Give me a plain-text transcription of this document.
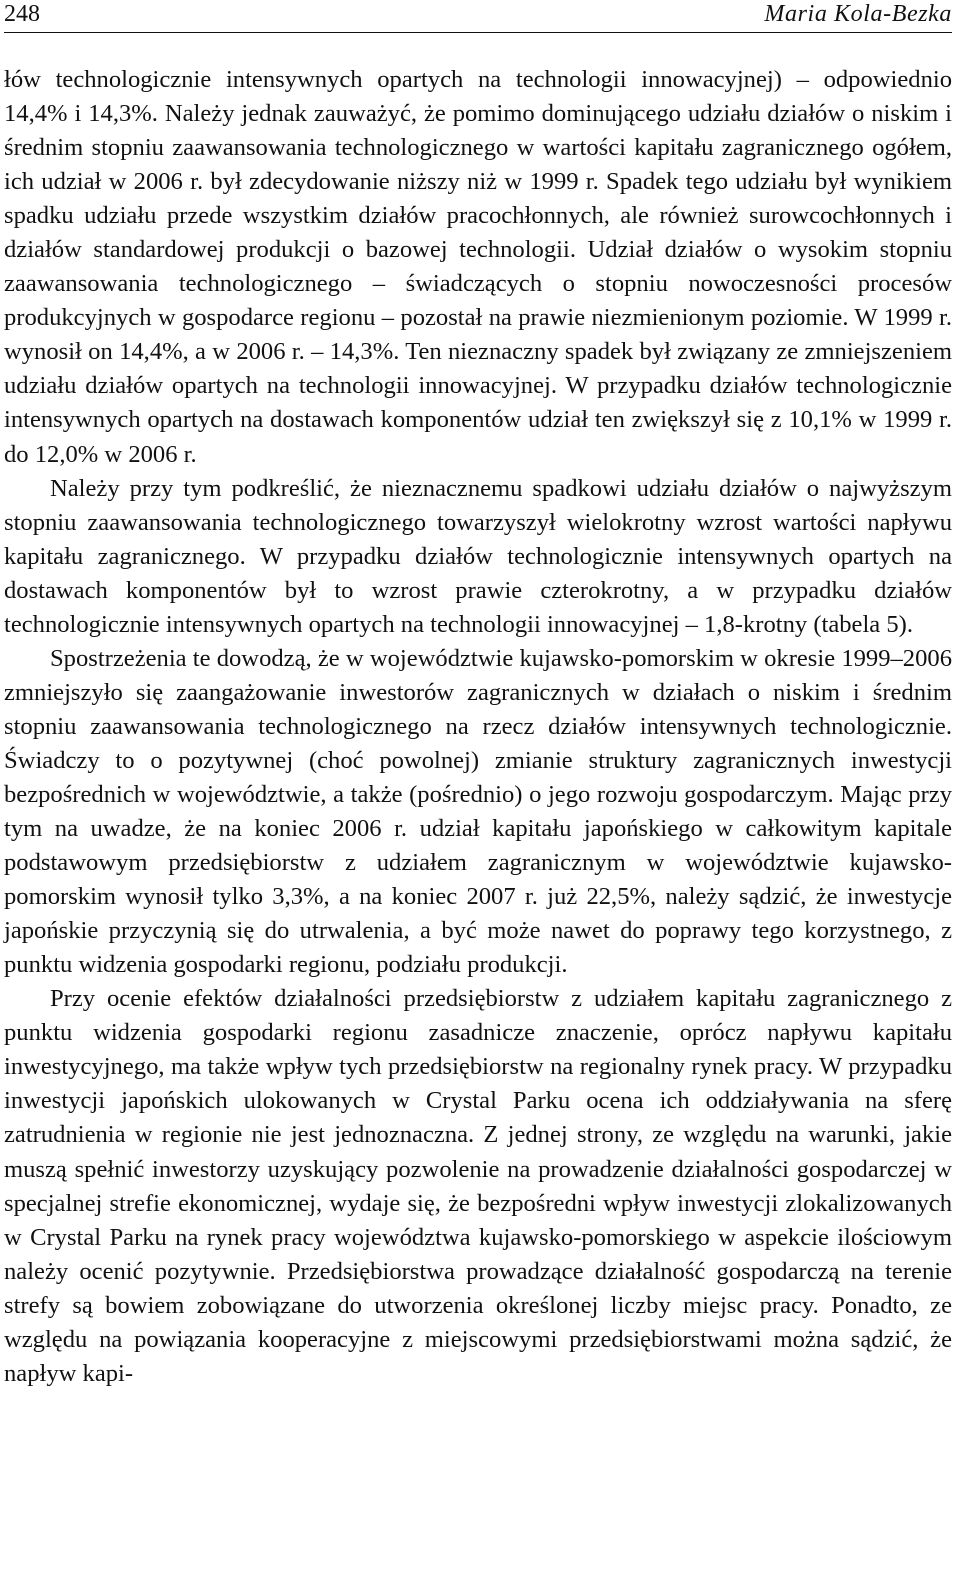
248	Maria Kola-Bezka

łów technologicznie intensywnych opartych na technologii innowacyjnej) – odpowiednio 14,4% i 14,3%. Należy jednak zauważyć, że pomimo dominującego udziału działów o niskim i średnim stopniu zaawansowania technologicznego w wartości kapitału zagranicznego ogółem, ich udział w 2006 r. był zdecydowanie niższy niż w 1999 r. Spadek tego udziału był wynikiem spadku udziału przede wszystkim działów pracochłonnych, ale również surowcochłonnych i działów standardowej produkcji o bazowej technologii. Udział działów o wysokim stopniu zaawansowania technologicznego – świadczących o stopniu nowoczesności procesów produkcyjnych w gospodarce regionu – pozostał na prawie niezmienionym poziomie. W 1999 r. wynosił on 14,4%, a w 2006 r. – 14,3%. Ten nieznaczny spadek był związany ze zmniejszeniem udziału działów opartych na technologii innowacyjnej. W przypadku działów technologicznie intensywnych opartych na dostawach komponentów udział ten zwiększył się z 10,1% w 1999 r. do 12,0% w 2006 r.

Należy przy tym podkreślić, że nieznacznemu spadkowi udziału działów o najwyższym stopniu zaawansowania technologicznego towarzyszył wielokrotny wzrost wartości napływu kapitału zagranicznego. W przypadku działów technologicznie intensywnych opartych na dostawach komponentów był to wzrost prawie czterokrotny, a w przypadku działów technologicznie intensywnych opartych na technologii innowacyjnej – 1,8-krotny (tabela 5).

Spostrzeżenia te dowodzą, że w województwie kujawsko-pomorskim w okresie 1999–2006 zmniejszyło się zaangażowanie inwestorów zagranicznych w działach o niskim i średnim stopniu zaawansowania technologicznego na rzecz działów intensywnych technologicznie. Świadczy to o pozytywnej (choć powolnej) zmianie struktury zagranicznych inwestycji bezpośrednich w województwie, a także (pośrednio) o jego rozwoju gospodarczym. Mając przy tym na uwadze, że na koniec 2006 r. udział kapitału japońskiego w całkowitym kapitale podstawowym przedsiębiorstw z udziałem zagranicznym w województwie kujawsko-pomorskim wynosił tylko 3,3%, a na koniec 2007 r. już 22,5%, należy sądzić, że inwestycje japońskie przyczynią się do utrwalenia, a być może nawet do poprawy tego korzystnego, z punktu widzenia gospodarki regionu, podziału produkcji.

Przy ocenie efektów działalności przedsiębiorstw z udziałem kapitału zagranicznego z punktu widzenia gospodarki regionu zasadnicze znaczenie, oprócz napływu kapitału inwestycyjnego, ma także wpływ tych przedsiębiorstw na regionalny rynek pracy. W przypadku inwestycji japońskich ulokowanych w Crystal Parku ocena ich oddziaływania na sferę zatrudnienia w regionie nie jest jednoznaczna. Z jednej strony, ze względu na warunki, jakie muszą spełnić inwestorzy uzyskujący pozwolenie na prowadzenie działalności gospodarczej w specjalnej strefie ekonomicznej, wydaje się, że bezpośredni wpływ inwestycji zlokalizowanych w Crystal Parku na rynek pracy województwa kujawsko-pomorskiego w aspekcie ilościowym należy ocenić pozytywnie. Przedsiębiorstwa prowadzące działalność gospodarczą na terenie strefy są bowiem zobowiązane do utworzenia określonej liczby miejsc pracy. Ponadto, ze względu na powiązania kooperacyjne z miejscowymi przedsiębiorstwami można sądzić, że napływ kapi-
